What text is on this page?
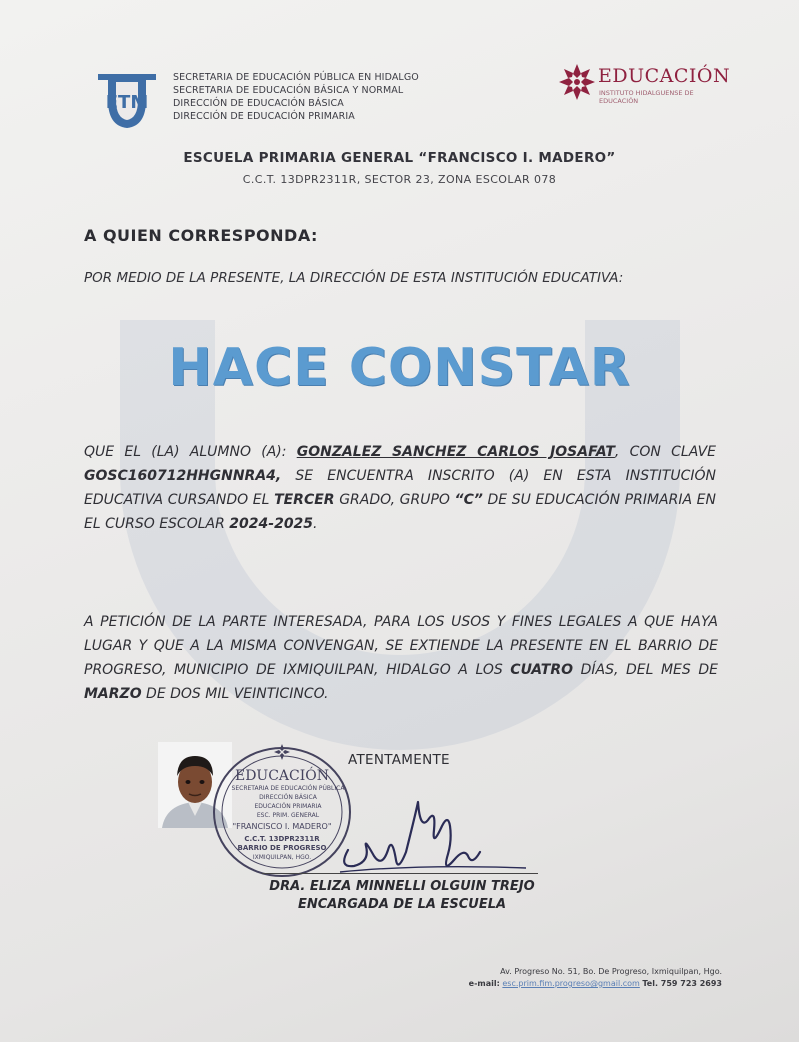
ETM
SECRETARIA DE EDUCACIÓN PÚBLICA EN HIDALGO
SECRETARIA DE EDUCACIÓN BÁSICA Y NORMAL
DIRECCIÓN DE EDUCACIÓN BÁSICA
DIRECCIÓN DE EDUCACIÓN PRIMARIA
EDUCACIÓN
INSTITUTO HIDALGUENSE DE EDUCACIÓN
ESCUELA PRIMARIA GENERAL “FRANCISCO I. MADERO”
C.C.T. 13DPR2311R, SECTOR 23, ZONA ESCOLAR 078
A QUIEN CORRESPONDA:
POR MEDIO DE LA PRESENTE, LA DIRECCIÓN DE ESTA INSTITUCIÓN EDUCATIVA:
HACE CONSTAR
QUE EL (LA) ALUMNO (A): GONZALEZ SANCHEZ CARLOS JOSAFAT, CON CLAVE GOSC160712HHGNNRA4, SE ENCUENTRA INSCRITO (A) EN ESTA INSTITUCIÓN EDUCATIVA CURSANDO EL TERCER GRADO, GRUPO “C” DE SU EDUCACIÓN PRIMARIA EN EL CURSO ESCOLAR 2024-2025.
A PETICIÓN DE LA PARTE INTERESADA, PARA LOS USOS Y FINES LEGALES A QUE HAYA LUGAR Y QUE A LA MISMA CONVENGAN, SE EXTIENDE LA PRESENTE EN EL BARRIO DE PROGRESO, MUNICIPIO DE IXMIQUILPAN, HIDALGO A LOS CUATRO DÍAS, DEL MES DE MARZO DE DOS MIL VEINTICINCO.
EDUCACIÓN
SECRETARIA DE EDUCACIÓN PÚBLICA
DIRECCIÓN BÁSICA
EDUCACIÓN PRIMARIA
ESC. PRIM. GENERAL
"FRANCISCO I. MADERO"
C.C.T. 13DPR2311R
BARRIO DE PROGRESO
IXMIQUILPAN, HGO.
ATENTAMENTE
DRA. ELIZA MINNELLI OLGUIN TREJO
ENCARGADA DE LA ESCUELA
Av. Progreso No. 51, Bo. De Progreso, Ixmiquilpan, Hgo.
e-mail: esc.prim.fim.progreso@gmail.com Tel. 759 723 2693
